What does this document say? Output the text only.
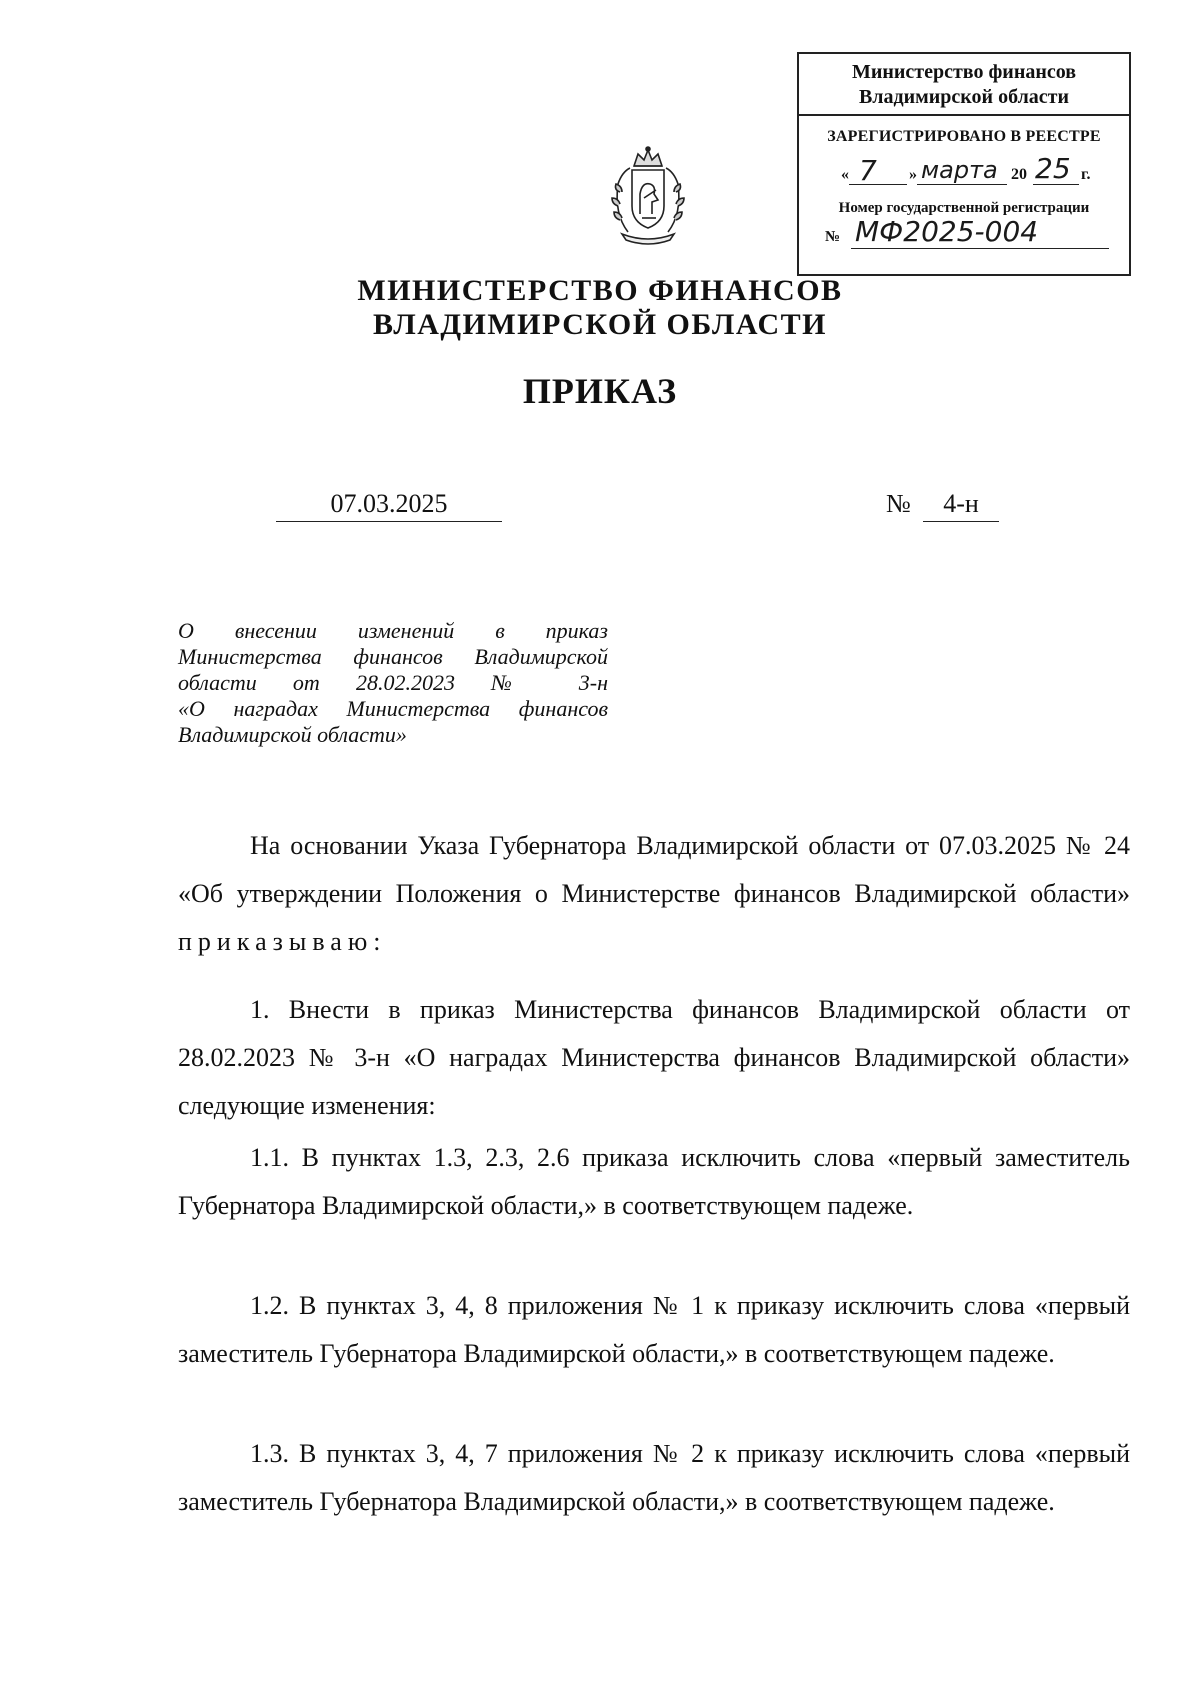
Министерство финансов
Владимирской области
ЗАРЕГИСТРИРОВАНО В РЕЕСТРЕ
« 7 » марта 20 25 г.
Номер государственной регистрации
№ МФ2025-004
МИНИСТЕРСТВО ФИНАНСОВ
ВЛАДИМИРСКОЙ ОБЛАСТИ
ПРИКАЗ
07.03.2025	№	4-н
О внесении изменений в приказ
Министерства финансов Владимирской
области от 28.02.2023 № 3-н
«О наградах Министерства финансов
Владимирской области»
На основании Указа Губернатора Владимирской области от 07.03.2025 № 24 «Об утверждении Положения о Министерстве финансов Владимирской области» приказываю:
1. Внести в приказ Министерства финансов Владимирской области от 28.02.2023 № 3-н «О наградах Министерства финансов Владимирской области» следующие изменения:
1.1. В пунктах 1.3, 2.3, 2.6 приказа исключить слова «первый заместитель Губернатора Владимирской области,» в соответствующем падеже.
1.2. В пунктах 3, 4, 8 приложения № 1 к приказу исключить слова «первый заместитель Губернатора Владимирской области,» в соответствующем падеже.
1.3. В пунктах 3, 4, 7 приложения № 2 к приказу исключить слова «первый заместитель Губернатора Владимирской области,» в соответствующем падеже.
